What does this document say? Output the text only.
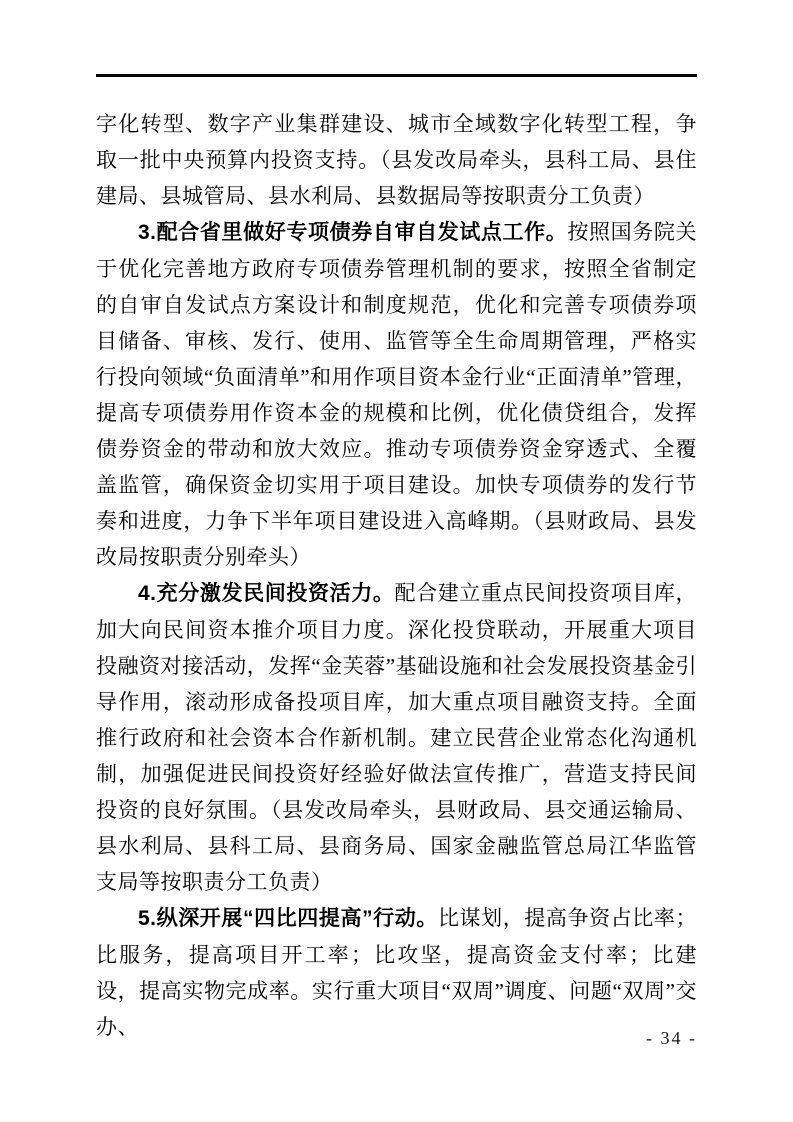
字化转型、数字产业集群建设、城市全域数字化转型工程，争取一批中央预算内投资支持。（县发改局牵头，县科工局、县住建局、县城管局、县水利局、县数据局等按职责分工负责）

3.配合省里做好专项债券自审自发试点工作。按照国务院关于优化完善地方政府专项债券管理机制的要求，按照全省制定的自审自发试点方案设计和制度规范，优化和完善专项债券项目储备、审核、发行、使用、监管等全生命周期管理，严格实行投向领域“负面清单”和用作项目资本金行业“正面清单”管理，提高专项债券用作资本金的规模和比例，优化债贷组合，发挥债券资金的带动和放大效应。推动专项债券资金穿透式、全覆盖监管，确保资金切实用于项目建设。加快专项债券的发行节奏和进度，力争下半年项目建设进入高峰期。（县财政局、县发改局按职责分别牵头）

4.充分激发民间投资活力。配合建立重点民间投资项目库，加大向民间资本推介项目力度。深化投贷联动，开展重大项目投融资对接活动，发挥“金芙蓉”基础设施和社会发展投资基金引导作用，滚动形成备投项目库，加大重点项目融资支持。全面推行政府和社会资本合作新机制。建立民营企业常态化沟通机制，加强促进民间投资好经验好做法宣传推广，营造支持民间投资的良好氛围。（县发改局牵头，县财政局、县交通运输局、县水利局、县科工局、县商务局、国家金融监管总局江华监管支局等按职责分工负责）

5.纵深开展“四比四提高”行动。比谋划，提高争资占比率；比服务，提高项目开工率；比攻坚，提高资金支付率；比建设，提高实物完成率。实行重大项目“双周”调度、问题“双周”交办、	- 34 -
